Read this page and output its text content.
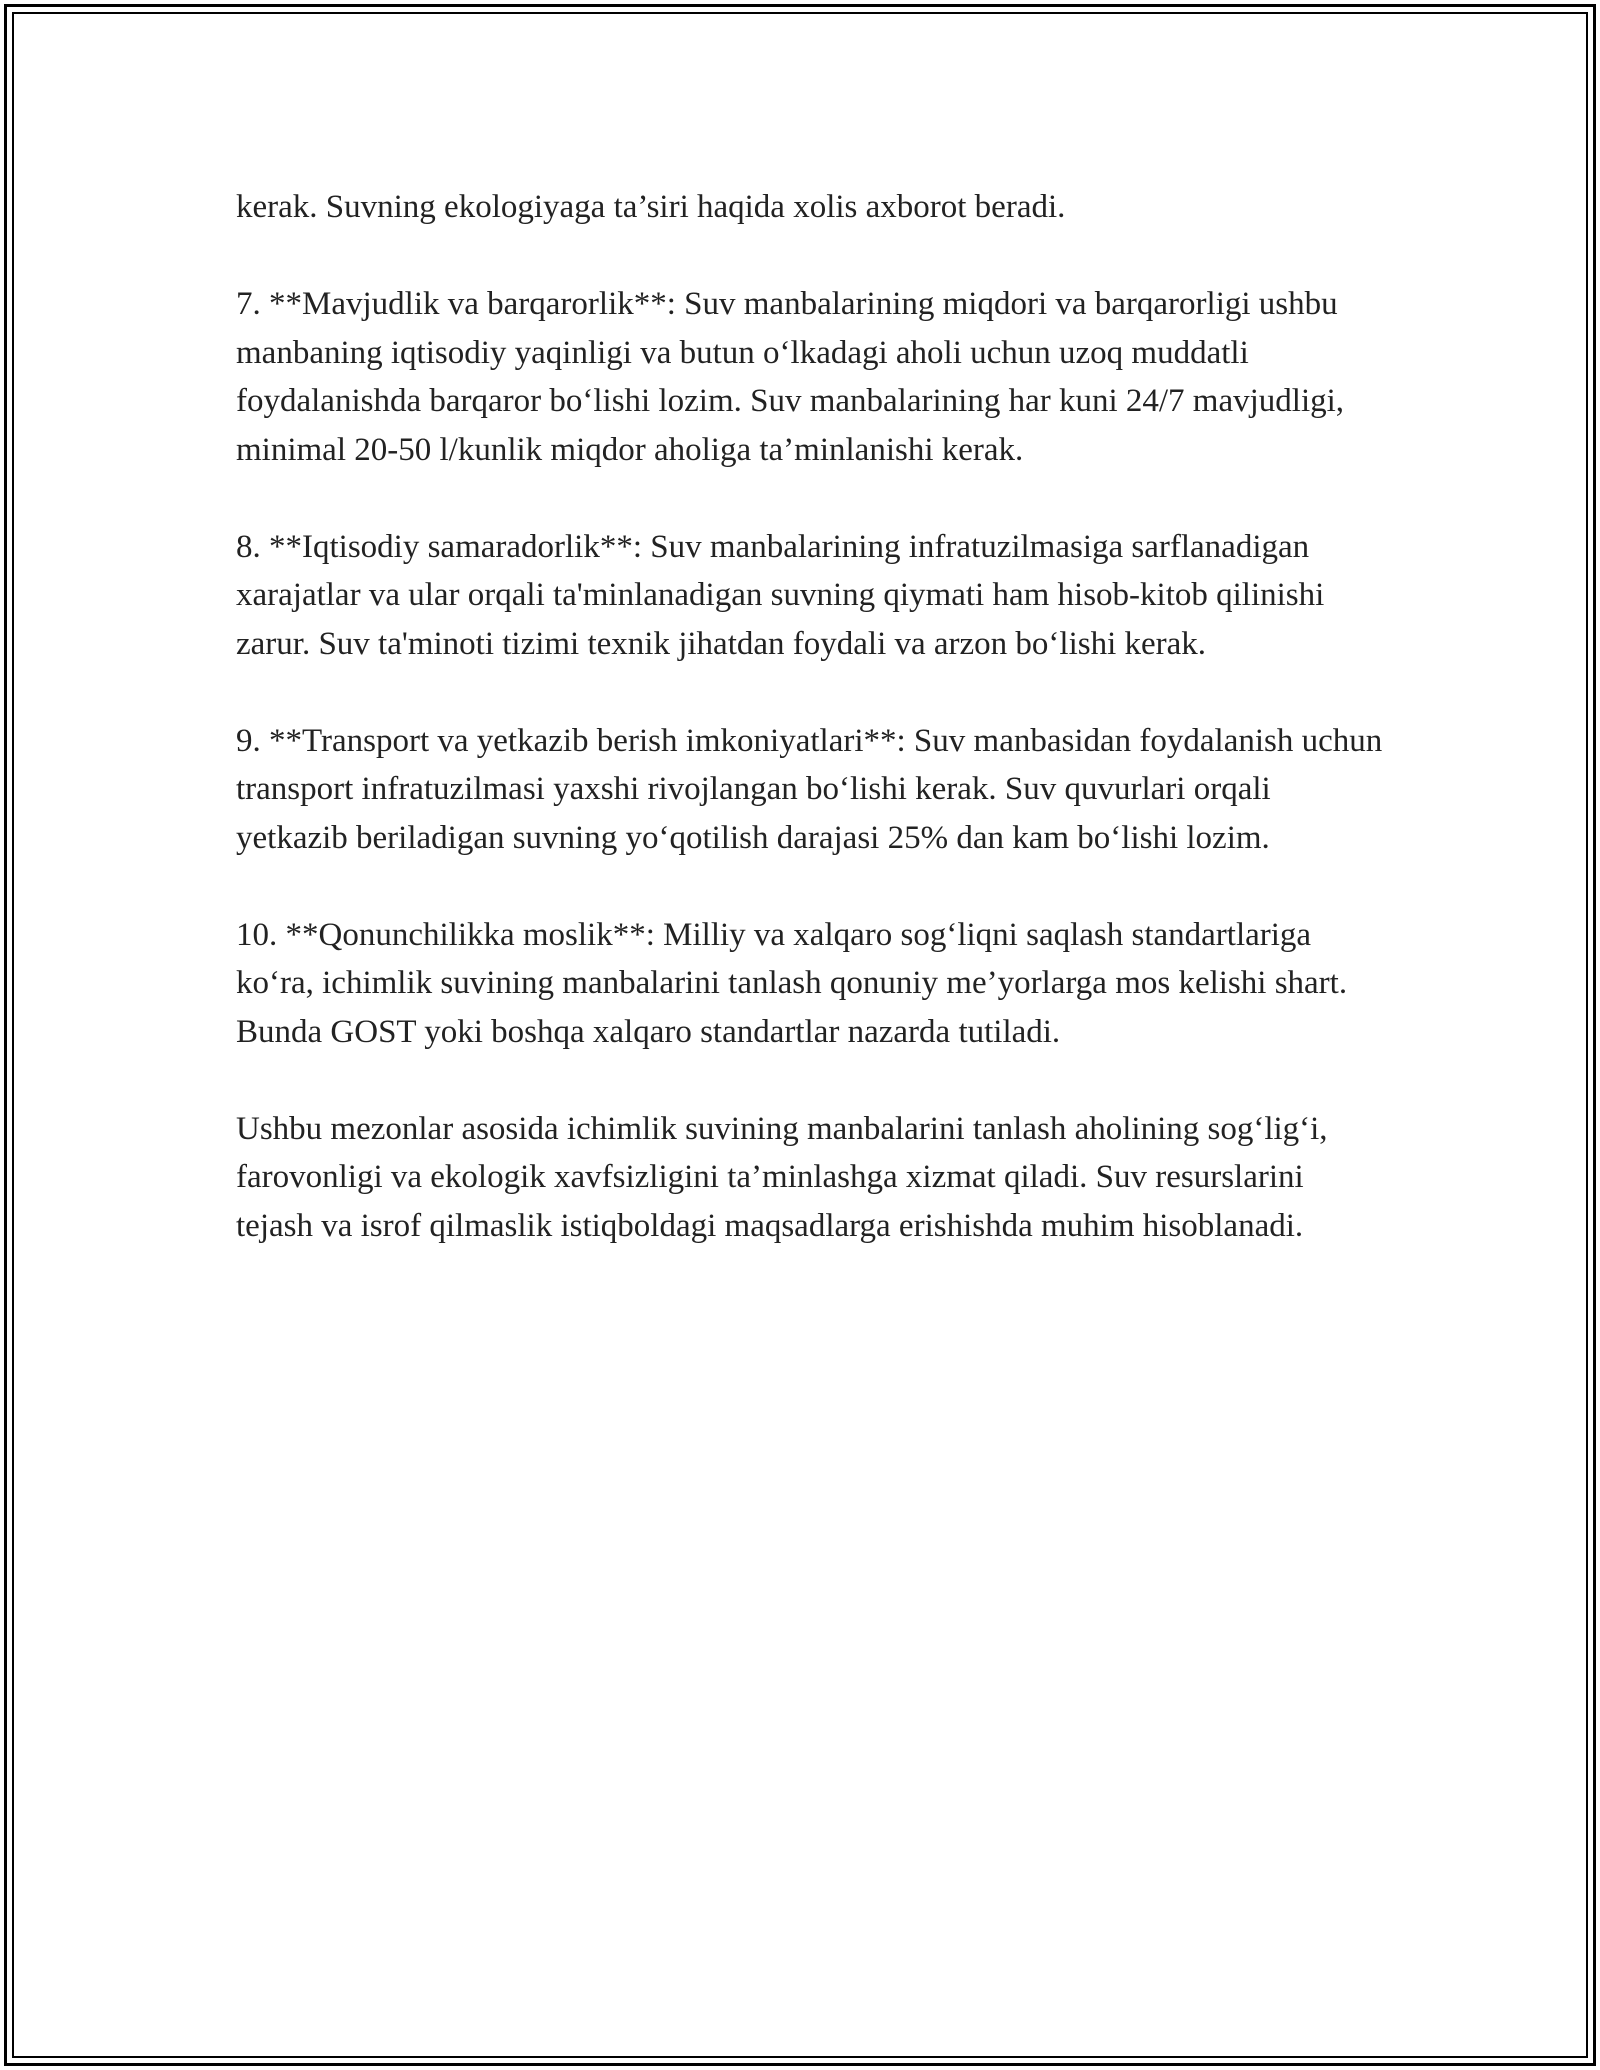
kerak. Suvning ekologiyaga ta’siri haqida xolis axborot beradi.

7. **Mavjudlik va barqarorlik**: Suv manbalarining miqdori va barqarorligi ushbu manbaning iqtisodiy yaqinligi va butun o‘lkadagi aholi uchun uzoq muddatli foydalanishda barqaror bo‘lishi lozim. Suv manbalarining har kuni 24/7 mavjudligi, minimal 20-50 l/kunlik miqdor aholiga ta’minlanishi kerak.

8. **Iqtisodiy samaradorlik**: Suv manbalarining infratuzilmasiga sarflanadigan xarajatlar va ular orqali ta'minlanadigan suvning qiymati ham hisob-kitob qilinishi zarur. Suv ta'minoti tizimi texnik jihatdan foydali va arzon bo‘lishi kerak.

9. **Transport va yetkazib berish imkoniyatlari**: Suv manbasidan foydalanish uchun transport infratuzilmasi yaxshi rivojlangan bo‘lishi kerak. Suv quvurlari orqali yetkazib beriladigan suvning yo‘qotilish darajasi 25% dan kam bo‘lishi lozim.

10. **Qonunchilikka moslik**: Milliy va xalqaro sog‘liqni saqlash standartlariga ko‘ra, ichimlik suvining manbalarini tanlash qonuniy me’yorlarga mos kelishi shart. Bunda GOST yoki boshqa xalqaro standartlar nazarda tutiladi.

Ushbu mezonlar asosida ichimlik suvining manbalarini tanlash aholining sog‘lig‘i, farovonligi va ekologik xavfsizligini ta’minlashga xizmat qiladi. Suv resurslarini tejash va isrof qilmaslik istiqboldagi maqsadlarga erishishda muhim hisoblanadi.
